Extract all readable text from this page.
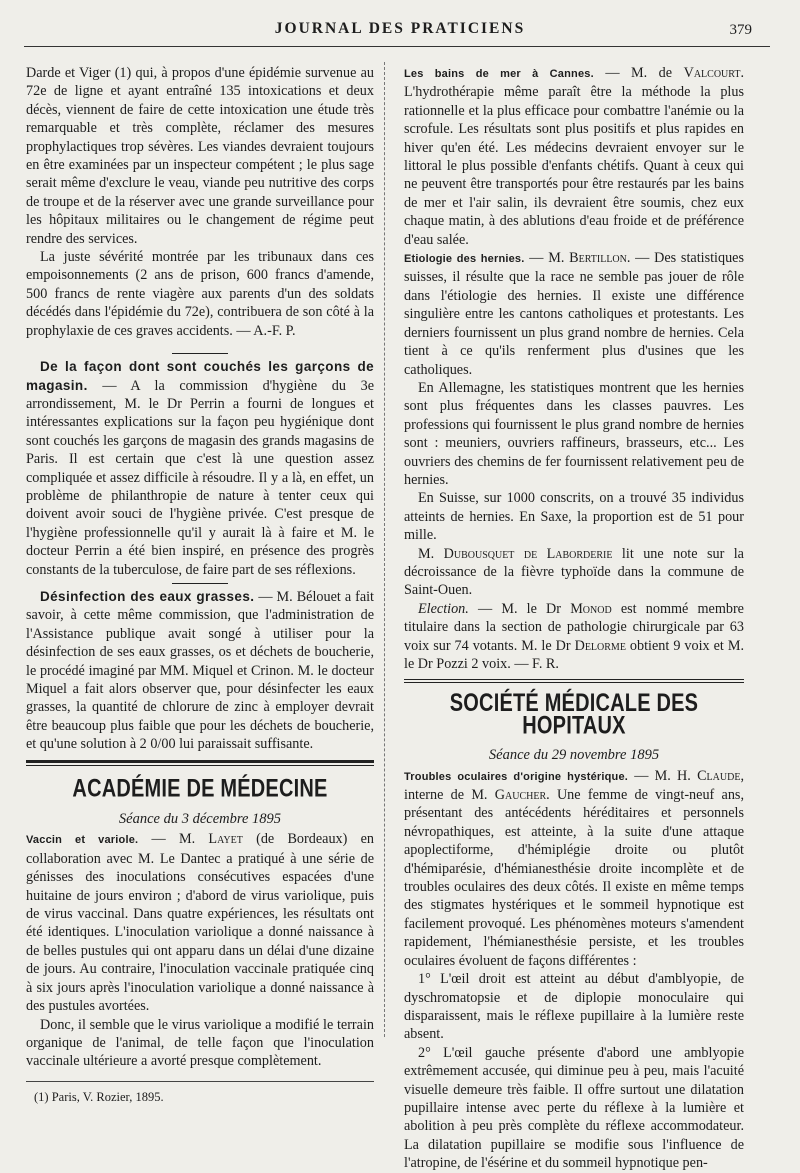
JOURNAL DES PRATICIENS	379

Darde et Viger (1) qui, à propos d'une épidémie survenue au 72e de ligne et ayant entraîné 135 intoxications et deux décès, viennent de faire de cette intoxication une étude très remarquable et très complète, réclamer des mesures prophylactiques trop sévères. Les viandes devraient toujours en être examinées par un inspecteur compétent ; le plus sage serait même d'exclure le veau, viande peu nutritive des corps de troupe et de la réserver avec une grande surveillance pour les hôpitaux militaires ou le changement de régime peut rendre des services.

La juste sévérité montrée par les tribunaux dans ces empoisonnements (2 ans de prison, 600 francs d'amende, 500 francs de rente viagère aux parents d'un des soldats décédés dans l'épidémie du 72e), contribuera de son côté à la prophylaxie de ces graves accidents. — A.-F. P.

De la façon dont sont couchés les garçons de magasin. — A la commission d'hygiène du 3e arrondissement, M. le Dr Perrin a fourni de longues et intéressantes explications sur la façon peu hygiénique dont sont couchés les garçons de magasin des grands magasins de Paris. Il est certain que c'est là une question assez compliquée et assez difficile à résoudre. Il y a là, en effet, un problème de philanthropie de nature à tenter ceux qui doivent avoir souci de l'hygiène privée. C'est presque de l'hygiène professionnelle qu'il y aurait là à faire et M. le docteur Perrin a été bien inspiré, en présence des progrès constants de la tuberculose, de faire part de ses réflexions.

Désinfection des eaux grasses. — M. Bélouet a fait savoir, à cette même commission, que l'administration de l'Assistance publique avait songé à utiliser pour la désinfection de ses eaux grasses, os et déchets de boucherie, le procédé imaginé par MM. Miquel et Crinon. M. le docteur Miquel a fait alors observer que, pour désinfecter les eaux grasses, la quantité de chlorure de zinc à employer devrait être beaucoup plus faible que pour les déchets de boucherie, et qu'une solution à 2 0/00 lui paraissait suffisante.

ACADÉMIE DE MÉDECINE
Séance du 3 décembre 1895

Vaccin et variole. — M. Layet (de Bordeaux) en collaboration avec M. Le Dantec a pratiqué à une série de génisses des inoculations consécutives espacées d'une huitaine de jours environ ; d'abord de virus variolique, puis de virus vaccinal. Dans quatre expériences, les résultats ont été identiques. L'inoculation variolique a donné naissance à de belles pustules qui ont apparu dans un délai d'une dizaine de jours. Au contraire, l'inoculation vaccinale pratiquée cinq à six jours après l'inoculation variolique a donné naissance à des pustules avortées.

Donc, il semble que le virus variolique a modifié le terrain organique de l'animal, de telle façon que l'inoculation vaccinale ultérieure a avorté presque complètement.

(1) Paris, V. Rozier, 1895.

Les bains de mer à Cannes. — M. de Valcourt. L'hydrothérapie même paraît être la méthode la plus rationnelle et la plus efficace pour combattre l'anémie ou la scrofule. Les résultats sont plus positifs et plus rapides en hiver qu'en été. Les médecins devraient envoyer sur le littoral le plus possible d'enfants chétifs. Quant à ceux qui ne peuvent être transportés pour être restaurés par les bains de mer et l'air salin, ils devraient être soumis, chez eux chaque matin, à des ablutions d'eau froide et de préférence d'eau salée.

Etiologie des hernies. — M. Bertillon. — Des statistiques suisses, il résulte que la race ne semble pas jouer de rôle dans l'étiologie des hernies. Il existe une différence singulière entre les cantons catholiques et protestants. Les derniers fournissent un plus grand nombre de hernies. Cela tient à ce qu'ils renferment plus d'usines que les catholiques.

En Allemagne, les statistiques montrent que les hernies sont plus fréquentes dans les classes pauvres. Les professions qui fournissent le plus grand nombre de hernies sont : meuniers, ouvriers raffineurs, brasseurs, etc... Les ouvriers des chemins de fer fournissent relativement peu de hernies.

En Suisse, sur 1000 conscrits, on a trouvé 35 individus atteints de hernies. En Saxe, la proportion est de 51 pour mille.

M. Dubousquet de Laborderie lit une note sur la décroissance de la fièvre typhoïde dans la commune de Saint-Ouen.

Election. — M. le Dr Monod est nommé membre titulaire dans la section de pathologie chirurgicale par 63 voix sur 74 votants. M. le Dr Delorme obtient 9 voix et M. le Dr Pozzi 2 voix. — F. R.

SOCIÉTÉ MÉDICALE DES HOPITAUX
Séance du 29 novembre 1895

Troubles oculaires d'origine hystérique. — M. H. Claude, interne de M. Gaucher. Une femme de vingt-neuf ans, présentant des antécédents héréditaires et personnels névropathiques, est atteinte, à la suite d'une attaque apoplectiforme, d'hémiplégie droite ou plutôt d'hémiparésie, d'hémianesthésie droite incomplète et de troubles oculaires des deux côtés. Il existe en même temps des stigmates hystériques et le sommeil hypnotique est facilement provoqué. Les phénomènes moteurs s'amendent rapidement, l'hémianesthésie persiste, et les troubles oculaires évoluent de façons différentes :

1° L'œil droit est atteint au début d'amblyopie, de dyschromatopsie et de diplopie monoculaire qui disparaissent, mais le réflexe pupillaire à la lumière reste absent.

2° L'œil gauche présente d'abord une amblyopie extrêmement accusée, qui diminue peu à peu, mais l'acuité visuelle demeure très faible. Il offre surtout une dilatation pupillaire intense avec perte du réflexe à la lumière et abolition à peu près complète du réflexe accommodateur. La dilatation pupillaire se modifie sous l'influence de l'atropine, de l'ésérine et du sommeil hypnotique pen-
